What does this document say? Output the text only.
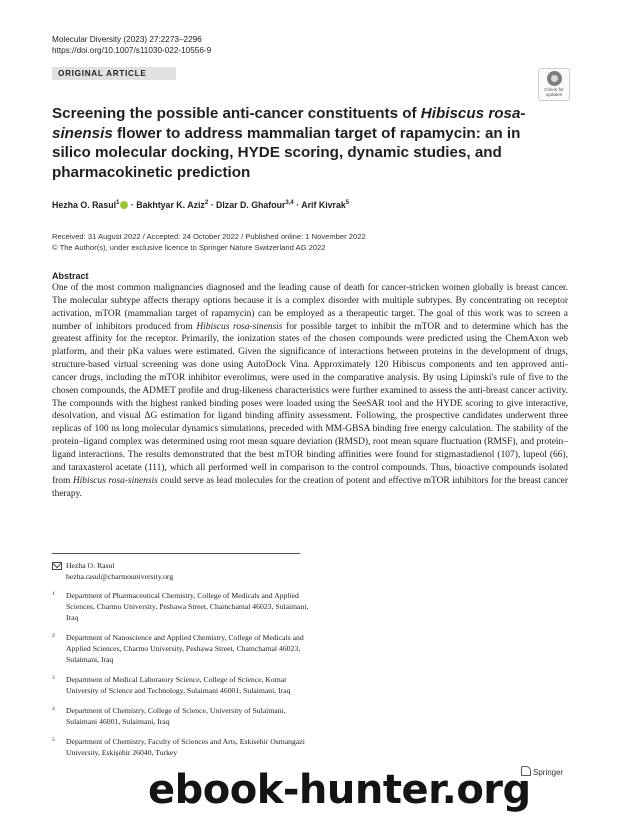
Molecular Diversity (2023) 27:2273–2296
https://doi.org/10.1007/s11030-022-10556-9
ORIGINAL ARTICLE
Check for updates
Screening the possible anti-cancer constituents of Hibiscus rosa-sinensis flower to address mammalian target of rapamycin: an in silico molecular docking, HYDE scoring, dynamic studies, and pharmacokinetic prediction
Hezha O. Rasul$^1$ · Bakhtyar K. Aziz$^2$ · Dlzar D. Ghafour$^{3,4}$ · Arif Kivrak$^5$
Received: 31 August 2022 / Accepted: 24 October 2022 / Published online: 1 November 2022
© The Author(s), under exclusive licence to Springer Nature Switzerland AG 2022
Abstract
One of the most common malignancies diagnosed and the leading cause of death for cancer-stricken women globally is breast cancer. The molecular subtype affects therapy options because it is a complex disorder with multiple subtypes. By concentrating on receptor activation, mTOR (mammalian target of rapamycin) can be employed as a therapeutic target. The goal of this work was to screen a number of inhibitors produced from Hibiscus rosa-sinensis for possible target to inhibit the mTOR and to determine which has the greatest affinity for the receptor. Primarily, the ionization states of the chosen compounds were predicted using the ChemAxon web platform, and their pKa values were estimated. Given the significance of interactions between proteins in the development of drugs, structure-based virtual screening was done using AutoDock Vina. Approximately 120 Hibiscus components and ten approved anti-cancer drugs, including the mTOR inhibitor everolimus, were used in the comparative analysis. By using Lipinski's rule of five to the chosen compounds, the ADMET profile and drug-likeness characteristics were further examined to assess the anti-breast cancer activity. The compounds with the highest ranked binding poses were loaded using the SeeSAR tool and the HYDE scoring to give interactive, desolvation, and visual ΔG estimation for ligand binding affinity assessment. Following, the prospective candidates underwent three replicas of 100 ns long molecular dynamics simulations, preceded with MM-GBSA binding free energy calculation. The stability of the protein–ligand complex was determined using root mean square deviation (RMSD), root mean square fluctuation (RMSF), and protein–ligand interactions. The results demonstrated that the best mTOR binding affinities were found for stigmastadienol (107), lupeol (66), and taraxasterol acetate (111), which all performed well in comparison to the control compounds. Thus, bioactive compounds isolated from Hibiscus rosa-sinensis could serve as lead molecules for the creation of potent and effective mTOR inhibitors for the breast cancer therapy.
Hezha O. Rasul
hezha.rasul@charmouniversity.org
1 Department of Pharmaceutical Chemistry, College of Medicals and Applied Sciences, Charmo University, Peshawa Street, Chamchamal 46023, Sulaimani, Iraq
2 Department of Nanoscience and Applied Chemistry, College of Medicals and Applied Sciences, Charmo University, Peshawa Street, Chamchamal 46023, Sulaimani, Iraq
3 Department of Medical Laboratory Science, College of Science, Komar University of Science and Technology, Sulaimani 46001, Sulaimani, Iraq
4 Department of Chemistry, College of Science, University of Sulaimani, Sulaimani 46001, Sulaimani, Iraq
5 Department of Chemistry, Faculty of Sciences and Arts, Eskisehir Osmangazi University, Eskişehir 26040, Turkey
ebook-hunter.org Springer
